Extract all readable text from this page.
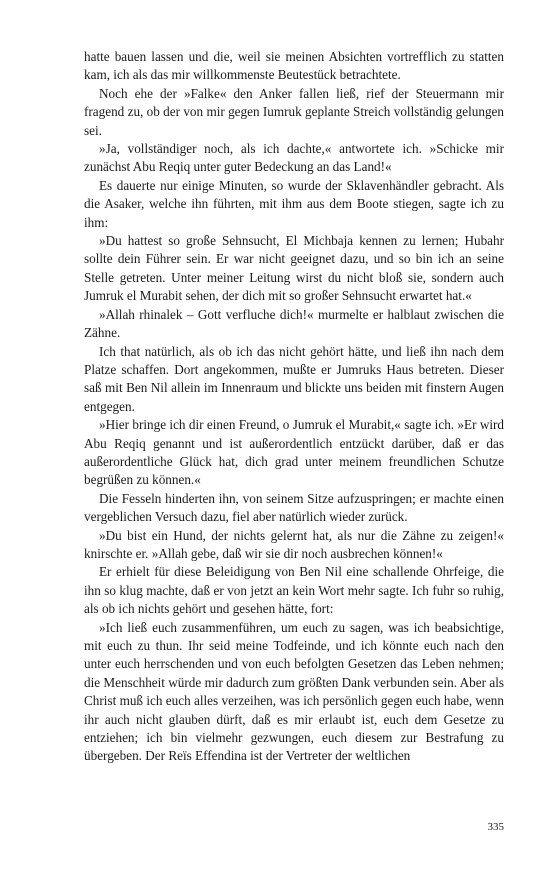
hatte bauen lassen und die, weil sie meinen Absichten vortrefflich zu statten kam, ich als das mir willkommenste Beutestück betrachtete.

Noch ehe der »Falke« den Anker fallen ließ, rief der Steuermann mir fragend zu, ob der von mir gegen Iumruk geplante Streich vollständig gelungen sei.

»Ja, vollständiger noch, als ich dachte,« antwortete ich. »Schicke mir zunächst Abu Reqiq unter guter Bedeckung an das Land!«

Es dauerte nur einige Minuten, so wurde der Sklavenhändler gebracht. Als die Asaker, welche ihn führten, mit ihm aus dem Boote stiegen, sagte ich zu ihm:

»Du hattest so große Sehnsucht, El Michbaja kennen zu lernen; Hubahr sollte dein Führer sein. Er war nicht geeignet dazu, und so bin ich an seine Stelle getreten. Unter meiner Leitung wirst du nicht bloß sie, sondern auch Jumruk el Murabit sehen, der dich mit so großer Sehnsucht erwartet hat.«

»Allah rhinalek – Gott verfluche dich!« murmelte er halblaut zwischen die Zähne.

Ich that natürlich, als ob ich das nicht gehört hätte, und ließ ihn nach dem Platze schaffen. Dort angekommen, mußte er Jumruks Haus betreten. Dieser saß mit Ben Nil allein im Innenraum und blickte uns beiden mit finstern Augen entgegen.

»Hier bringe ich dir einen Freund, o Jumruk el Murabit,« sagte ich. »Er wird Abu Reqiq genannt und ist außerordentlich entzückt darüber, daß er das außerordentliche Glück hat, dich grad unter meinem freundlichen Schutze begrüßen zu können.«

Die Fesseln hinderten ihn, von seinem Sitze aufzuspringen; er machte einen vergeblichen Versuch dazu, fiel aber natürlich wieder zurück.

»Du bist ein Hund, der nichts gelernt hat, als nur die Zähne zu zeigen!« knirschte er. »Allah gebe, daß wir sie dir noch ausbrechen können!«

Er erhielt für diese Beleidigung von Ben Nil eine schallende Ohrfeige, die ihn so klug machte, daß er von jetzt an kein Wort mehr sagte. Ich fuhr so ruhig, als ob ich nichts gehört und gesehen hätte, fort:

»Ich ließ euch zusammenführen, um euch zu sagen, was ich beabsichtige, mit euch zu thun. Ihr seid meine Todfeinde, und ich könnte euch nach den unter euch herrschenden und von euch befolgten Gesetzen das Leben nehmen; die Menschheit würde mir dadurch zum größten Dank verbunden sein. Aber als Christ muß ich euch alles verzeihen, was ich persönlich gegen euch habe, wenn ihr auch nicht glauben dürft, daß es mir erlaubt ist, euch dem Gesetze zu entziehen; ich bin vielmehr gezwungen, euch diesem zur Bestrafung zu übergeben. Der Reïs Effendina ist der Vertreter der weltlichen

335
